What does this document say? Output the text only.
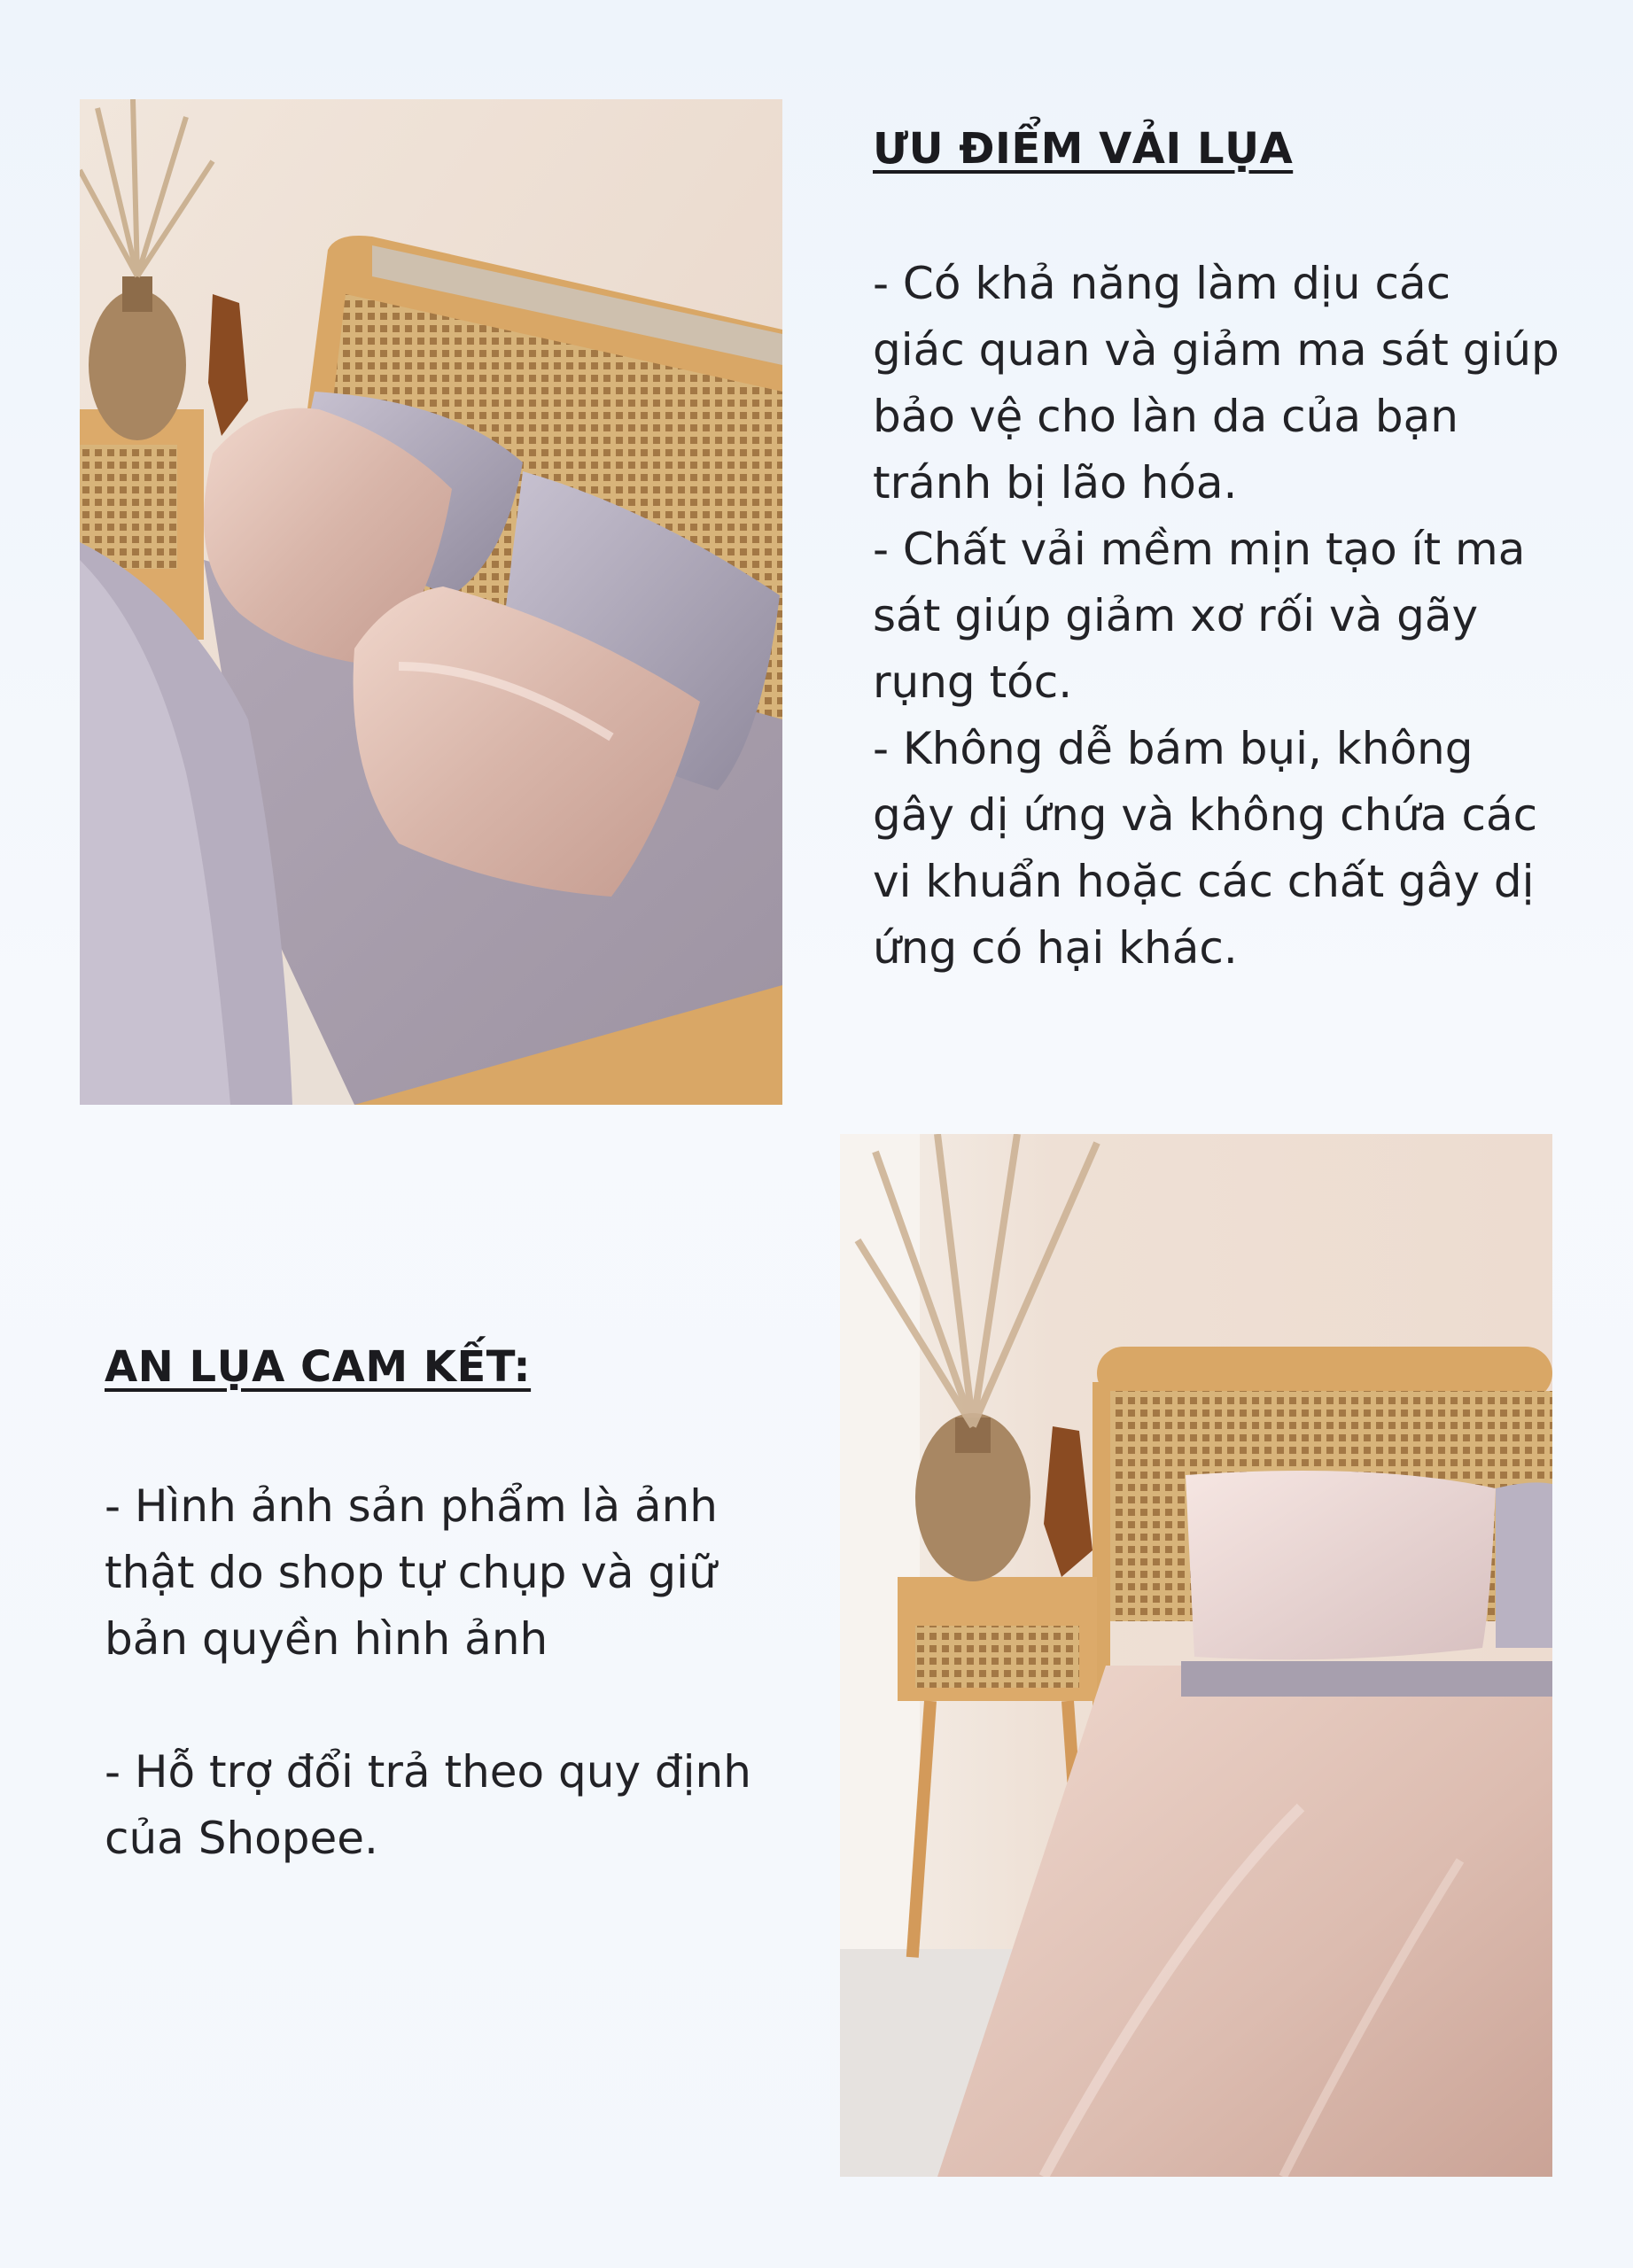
ƯU ĐIỂM VẢI LỤA

- Có khả năng làm dịu các

giác quan và giảm ma sát giúp

bảo vệ cho làn da của bạn

tránh bị lão hóa.

- Chất vải mềm mịn tạo ít ma

sát giúp giảm xơ rối và gãy

rụng tóc.

- Không dễ bám bụi, không

gây dị ứng và không chứa các

vi khuẩn hoặc các chất gây dị

ứng có hại khác.

AN LỤA CAM KẾT:

- Hình ảnh sản phẩm là ảnh

thật do shop tự chụp và giữ

bản quyền hình ảnh

- Hỗ trợ đổi trả theo quy định

của Shopee.
